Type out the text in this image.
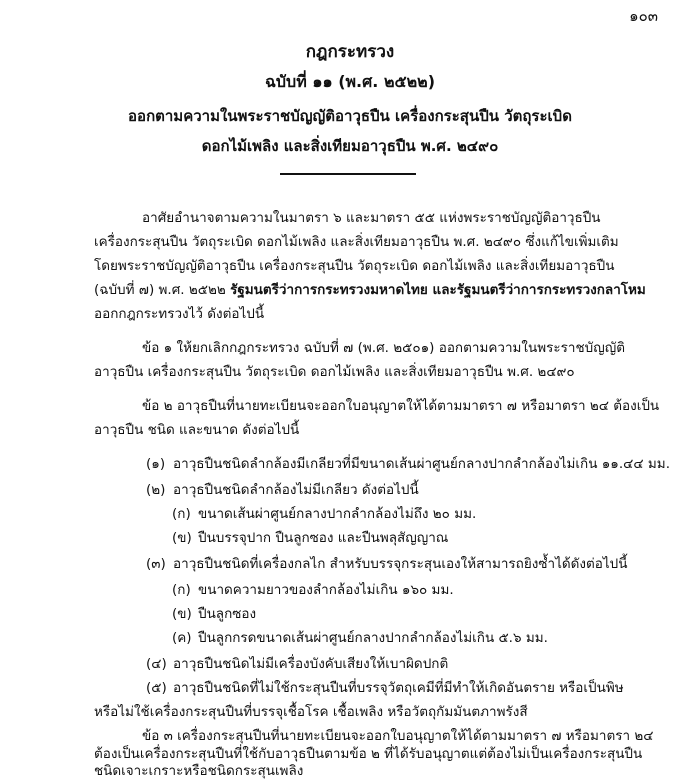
๑๐๓
กฎกระทรวง
ฉบับที่ ๑๑ (พ.ศ. ๒๕๒๒)
ออกตามความในพระราชบัญญัติอาวุธปืน เครื่องกระสุนปืน วัตถุระเบิด
ดอกไม้เพลิง และสิ่งเทียมอาวุธปืน พ.ศ. ๒๔๙๐
อาศัยอำนาจตามความในมาตรา ๖ และมาตรา ๕๕ แห่งพระราชบัญญัติอาวุธปืน
เครื่องกระสุนปืน วัตถุระเบิด ดอกไม้เพลิง และสิ่งเทียมอาวุธปืน พ.ศ. ๒๔๙๐ ซึ่งแก้ไขเพิ่มเติม
โดยพระราชบัญญัติอาวุธปืน เครื่องกระสุนปืน วัตถุระเบิด ดอกไม้เพลิง และสิ่งเทียมอาวุธปืน
(ฉบับที่ ๗) พ.ศ. ๒๕๒๒ รัฐมนตรีว่าการกระทรวงมหาดไทย และรัฐมนตรีว่าการกระทรวงกลาโหม
ออกกฎกระทรวงไว้ ดังต่อไปนี้
ข้อ ๑ ให้ยกเลิกกฎกระทรวง ฉบับที่ ๗ (พ.ศ. ๒๕๐๑) ออกตามความในพระราชบัญญัติ
อาวุธปืน เครื่องกระสุนปืน วัตถุระเบิด ดอกไม้เพลิง และสิ่งเทียมอาวุธปืน พ.ศ. ๒๔๙๐
ข้อ ๒ อาวุธปืนที่นายทะเบียนจะออกใบอนุญาตให้ได้ตามมาตรา ๗ หรือมาตรา ๒๔ ต้องเป็น
อาวุธปืน ชนิด และขนาด ดังต่อไปนี้
(๑) อาวุธปืนชนิดลำกล้องมีเกลียวที่มีขนาดเส้นผ่าศูนย์กลางปากลำกล้องไม่เกิน ๑๑.๔๔ มม.
(๒) อาวุธปืนชนิดลำกล้องไม่มีเกลียว ดังต่อไปนี้
(ก) ขนาดเส้นผ่าศูนย์กลางปากลำกล้องไม่ถึง ๒๐ มม.
(ข) ปืนบรรจุปาก ปืนลูกซอง และปืนพลุสัญญาณ
(๓) อาวุธปืนชนิดที่เครื่องกลไก สำหรับบรรจุกระสุนเองให้สามารถยิงซ้ำได้ดังต่อไปนี้
(ก) ขนาดความยาวของลำกล้องไม่เกิน ๑๖๐ มม.
(ข) ปืนลูกซอง
(ค) ปืนลูกกรดขนาดเส้นผ่าศูนย์กลางปากลำกล้องไม่เกิน ๕.๖ มม.
(๔) อาวุธปืนชนิดไม่มีเครื่องบังคับเสียงให้เบาผิดปกติ
(๕) อาวุธปืนชนิดที่ไม่ใช้กระสุนปืนที่บรรจุวัตถุเคมีที่มีทำให้เกิดอันตราย หรือเป็นพิษ
หรือไม่ใช้เครื่องกระสุนปืนที่บรรจุเชื้อโรค เชื้อเพลิง หรือวัตถุกัมมันตภาพรังสี
ข้อ ๓ เครื่องกระสุนปืนที่นายทะเบียนจะออกใบอนุญาตให้ได้ตามมาตรา ๗ หรือมาตรา ๒๔
ต้องเป็นเครื่องกระสุนปืนที่ใช้กับอาวุธปืนตามข้อ ๒ ที่ได้รับอนุญาตแต่ต้องไม่เป็นเครื่องกระสุนปืน
ชนิดเจาะเกราะหรือชนิดกระสุนเพลิง
